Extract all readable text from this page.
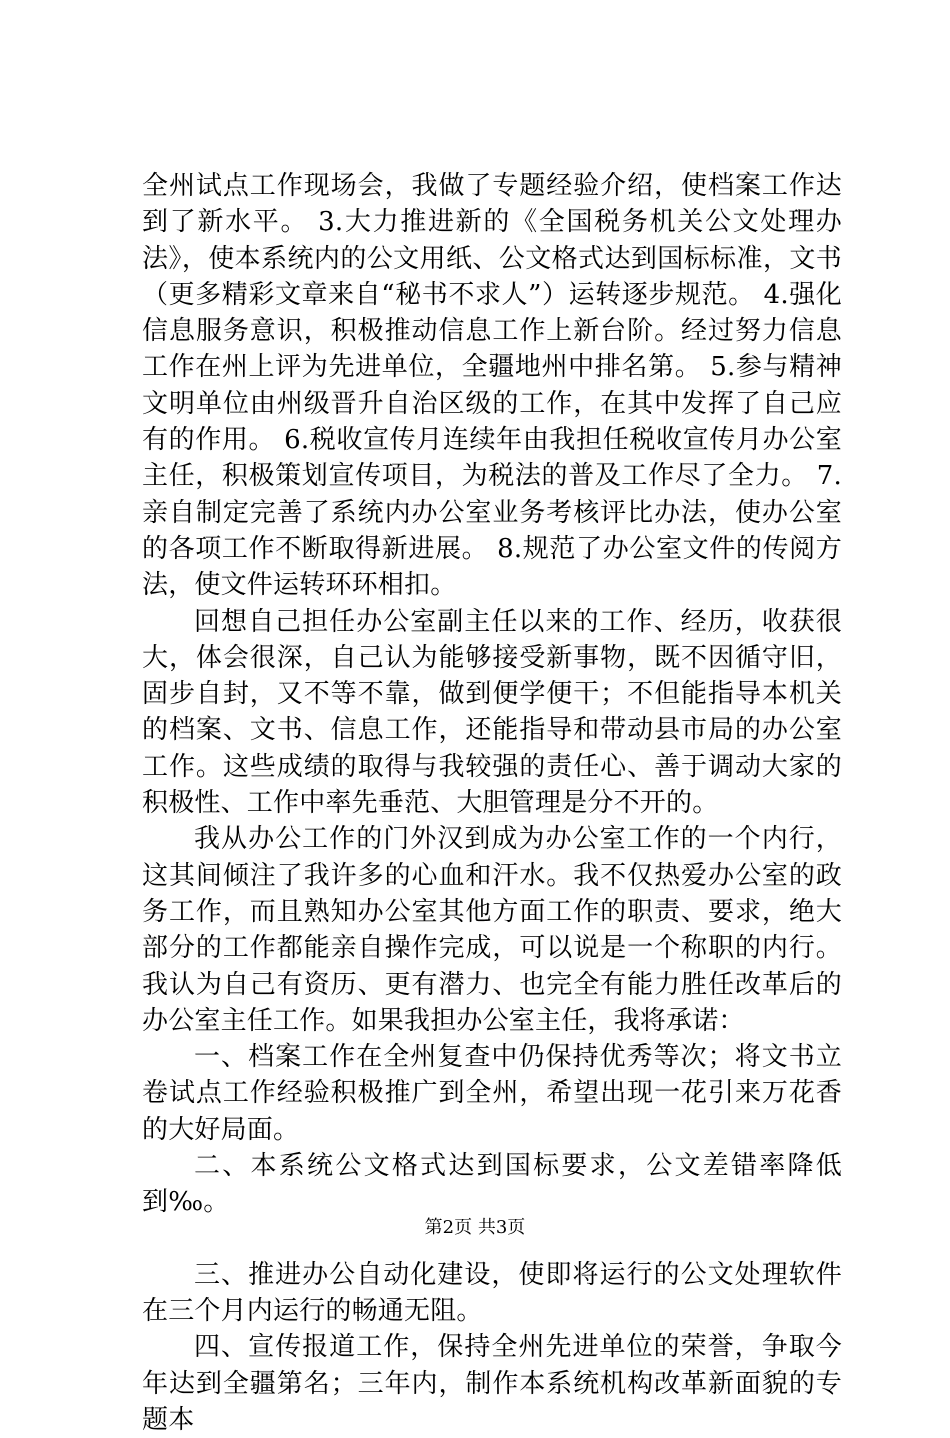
全州试点工作现场会，我做了专题经验介绍，使档案工作达到了新水平。 3.大力推进新的《全国税务机关公文处理办法》，使本系统内的公文用纸、公文格式达到国标标准，文书（更多精彩文章来自“秘书不求人”）运转逐步规范。 4.强化信息服务意识，积极推动信息工作上新台阶。经过努力信息工作在州上评为先进单位，全疆地州中排名第。 5.参与精神文明单位由州级晋升自治区级的工作，在其中发挥了自己应有的作用。 6.税收宣传月连续年由我担任税收宣传月办公室主任，积极策划宣传项目，为税法的普及工作尽了全力。 7.亲自制定完善了系统内办公室业务考核评比办法，使办公室的各项工作不断取得新进展。 8.规范了办公室文件的传阅方法，使文件运转环环相扣。

回想自己担任办公室副主任以来的工作、经历，收获很大，体会很深，自己认为能够接受新事物，既不因循守旧，固步自封，又不等不靠，做到便学便干；不但能指导本机关的档案、文书、信息工作，还能指导和带动县市局的办公室工作。这些成绩的取得与我较强的责任心、善于调动大家的积极性、工作中率先垂范、大胆管理是分不开的。

我从办公工作的门外汉到成为办公室工作的一个内行，这其间倾注了我许多的心血和汗水。我不仅热爱办公室的政务工作，而且熟知办公室其他方面工作的职责、要求，绝大部分的工作都能亲自操作完成，可以说是一个称职的内行。我认为自己有资历、更有潜力、也完全有能力胜任改革后的办公室主任工作。如果我担办公室主任，我将承诺：

一、档案工作在全州复查中仍保持优秀等次；将文书立卷试点工作经验积极推广到全州，希望出现一花引来万花香的大好局面。

二、本系统公文格式达到国标要求，公文差错率降低到‰。

三、推进办公自动化建设，使即将运行的公文处理软件在三个月内运行的畅通无阻。

四、宣传报道工作，保持全州先进单位的荣誉，争取今年达到全疆第名；三年内，制作本系统机构改革新面貌的专题本

第2页 共3页
